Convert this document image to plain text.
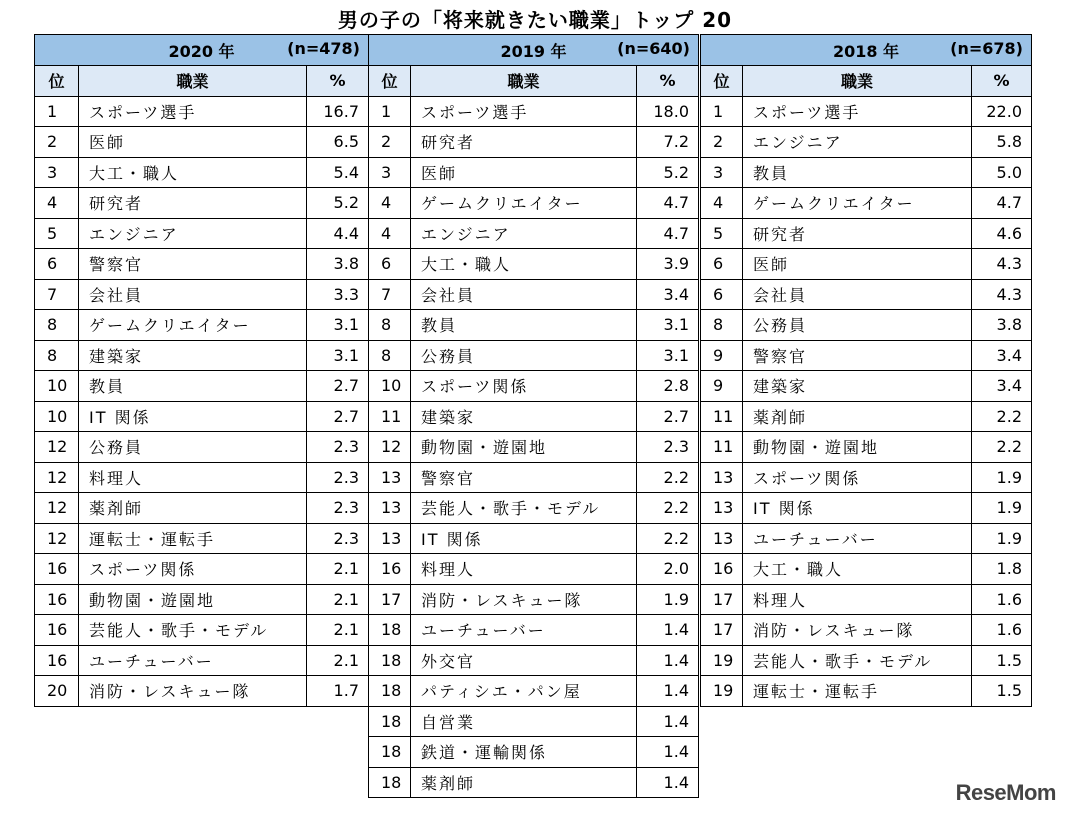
男の子の「将来就きたい職業」トップ 20
2020 年 (n=478)		

位	職業	%
1	スポーツ選手	16.7
2	医師	6.5
3	大工・職人	5.4
4	研究者	5.2
5	エンジニア	4.4
6	警察官	3.8
7	会社員	3.3
8	ゲームクリエイター	3.1
8	建築家	3.1
10	教員	2.7
10	IT 関係	2.7
12	公務員	2.3
12	料理人	2.3
12	薬剤師	2.3
12	運転士・運転手	2.3
16	スポーツ関係	2.1
16	動物園・遊園地	2.1
16	芸能人・歌手・モデル	2.1
16	ユーチューバー	2.1
20	消防・レスキュー隊	1.7
2019 年 (n=640)		

位	職業	%
1	スポーツ選手	18.0
2	研究者	7.2
3	医師	5.2
4	ゲームクリエイター	4.7
4	エンジニア	4.7
6	大工・職人	3.9
7	会社員	3.4
8	教員	3.1
8	公務員	3.1
10	スポーツ関係	2.8
11	建築家	2.7
12	動物園・遊園地	2.3
13	警察官	2.2
13	芸能人・歌手・モデル	2.2
13	IT 関係	2.2
16	料理人	2.0
17	消防・レスキュー隊	1.9
18	ユーチューバー	1.4
18	外交官	1.4
18	パティシエ・パン屋	1.4
18	自営業	1.4
18	鉄道・運輸関係	1.4
18	薬剤師	1.4
2018 年 (n=678)		

位	職業	%
1	スポーツ選手	22.0
2	エンジニア	5.8
3	教員	5.0
4	ゲームクリエイター	4.7
5	研究者	4.6
6	医師	4.3
6	会社員	4.3
8	公務員	3.8
9	警察官	3.4
9	建築家	3.4
11	薬剤師	2.2
11	動物園・遊園地	2.2
13	スポーツ関係	1.9
13	IT 関係	1.9
13	ユーチューバー	1.9
16	大工・職人	1.8
17	料理人	1.6
17	消防・レスキュー隊	1.6
19	芸能人・歌手・モデル	1.5
19	運転士・運転手	1.5
ReseMom
